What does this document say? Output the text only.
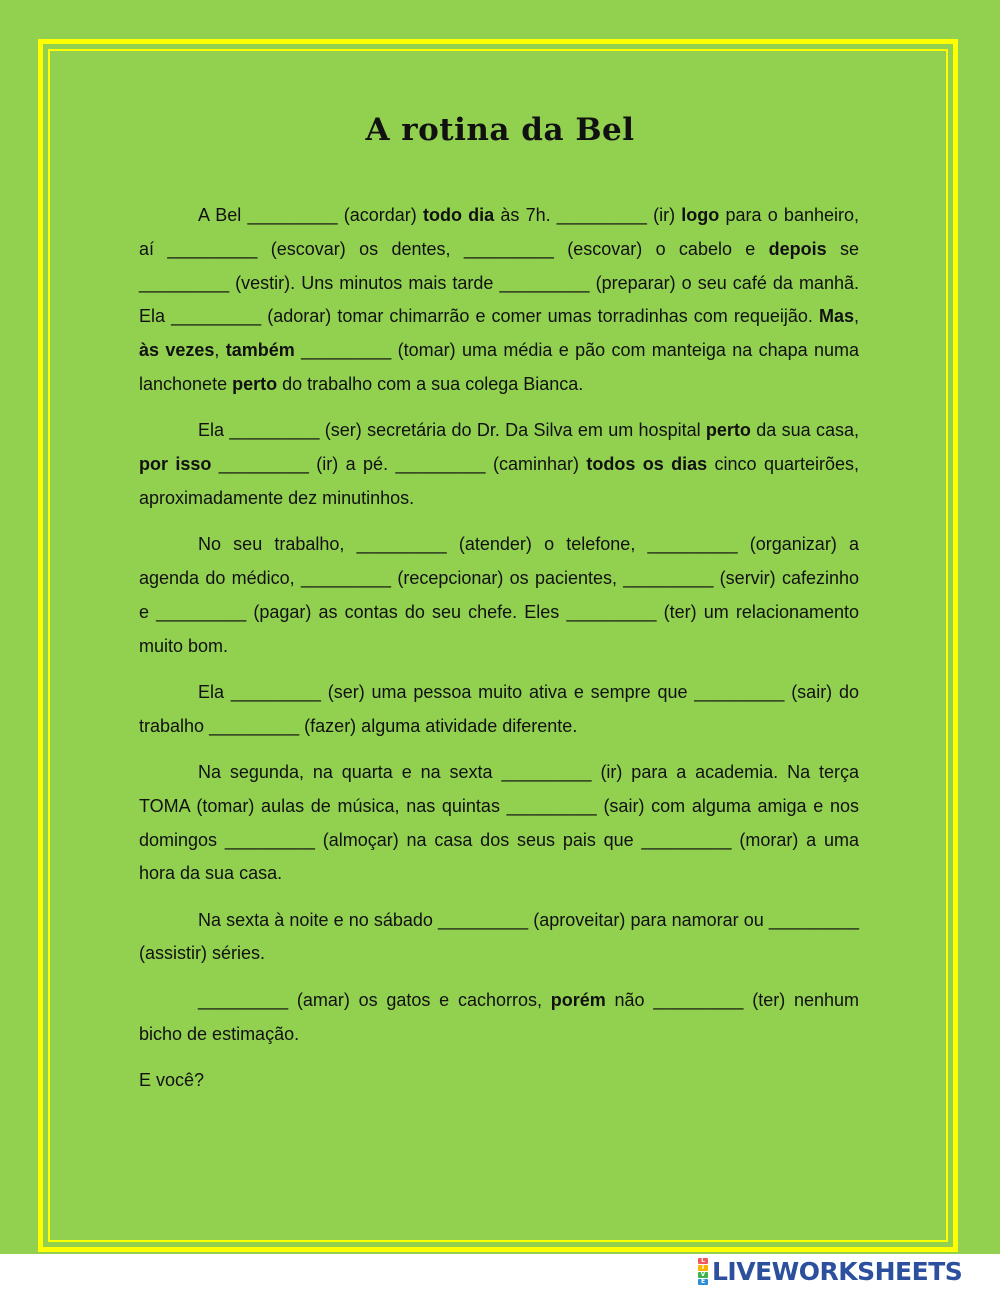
A rotina da Bel

A Bel _________ (acordar) todo dia às 7h. _________ (ir) logo para o banheiro, aí _________ (escovar) os dentes, _________ (escovar) o cabelo e depois se _________ (vestir). Uns minutos mais tarde _________ (preparar) o seu café da manhã. Ela _________ (adorar) tomar chimarrão e comer umas torradinhas com requeijão. Mas, às vezes, também _________ (tomar) uma média e pão com manteiga na chapa numa lanchonete perto do trabalho com a sua colega Bianca.

Ela _________ (ser) secretária do Dr. Da Silva em um hospital perto da sua casa, por isso _________ (ir) a pé. _________ (caminhar) todos os dias cinco quarteirões, aproximadamente dez minutinhos.

No seu trabalho, _________ (atender) o telefone, _________ (organizar) a agenda do médico, _________ (recepcionar) os pacientes, _________ (servir) cafezinho e _________ (pagar) as contas do seu chefe. Eles _________ (ter) um relacionamento muito bom.

Ela _________ (ser) uma pessoa muito ativa e sempre que _________ (sair) do trabalho _________ (fazer) alguma atividade diferente.

Na segunda, na quarta e na sexta _________ (ir) para a academia. Na terça TOMA (tomar) aulas de música, nas quintas _________ (sair) com alguma amiga e nos domingos _________ (almoçar) na casa dos seus pais que _________ (morar) a uma hora da sua casa.

Na sexta à noite e no sábado _________ (aproveitar) para namorar ou _________ (assistir) séries.

_________ (amar) os gatos e cachorros, porém não _________ (ter) nenhum bicho de estimação.

E você?

L
I
V
E LIVEWORKSHEETS
